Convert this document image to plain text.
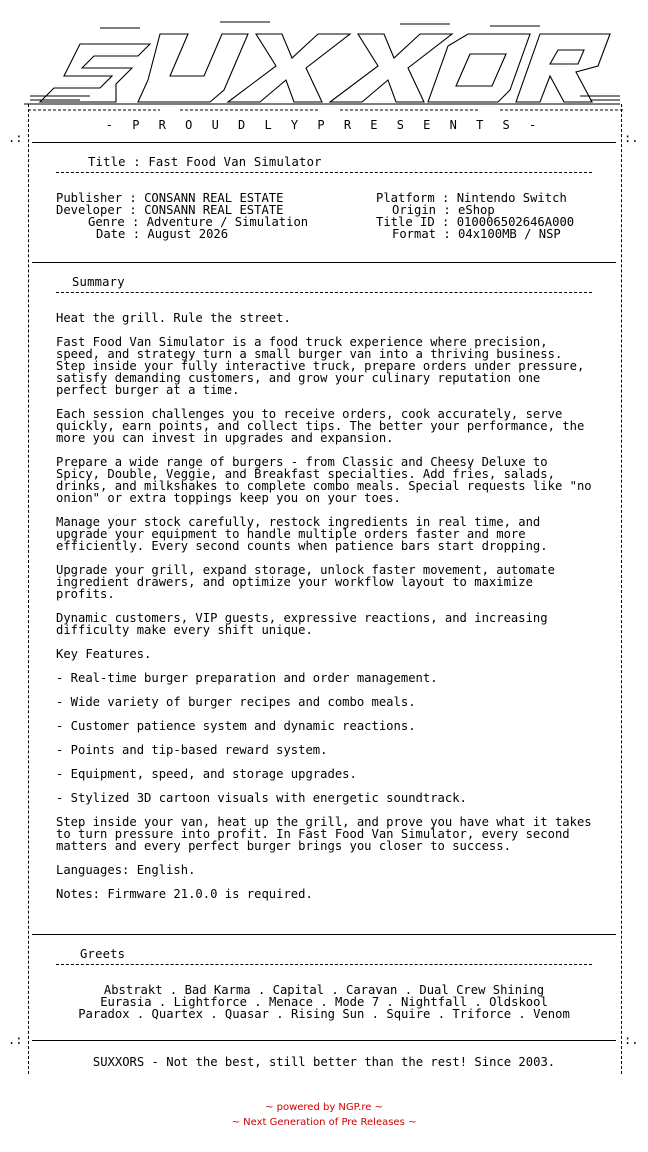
.:	:.
.:	:.
- P R O U D L Y P R E S E N T S -
Title : Fast Food Van Simulator
Publisher : CONSANN REAL ESTATE
Developer : CONSANN REAL ESTATE
Genre : Adventure / Simulation
Date : August 2026
Platform : Nintendo Switch
Origin : eShop
Title ID : 010006502646A000
Format : 04x100MB / NSP
Summary

Heat the grill. Rule the street.

Fast Food Van Simulator is a food truck experience where precision, speed, and strategy turn a small burger van into a thriving business. Step inside your fully interactive truck, prepare orders under pressure, satisfy demanding customers, and grow your culinary reputation one perfect burger at a time.

Each session challenges you to receive orders, cook accurately, serve quickly, earn points, and collect tips. The better your performance, the more you can invest in upgrades and expansion.

Prepare a wide range of burgers - from Classic and Cheesy Deluxe to Spicy, Double, Veggie, and Breakfast specialties. Add fries, salads, drinks, and milkshakes to complete combo meals. Special requests like "no onion" or extra toppings keep you on your toes.

Manage your stock carefully, restock ingredients in real time, and upgrade your equipment to handle multiple orders faster and more efficiently. Every second counts when patience bars start dropping.

Upgrade your grill, expand storage, unlock faster movement, automate ingredient drawers, and optimize your workflow layout to maximize profits.

Dynamic customers, VIP guests, expressive reactions, and increasing difficulty make every shift unique.

Key Features.

- Real-time burger preparation and order management.

- Wide variety of burger recipes and combo meals.

- Customer patience system and dynamic reactions.

- Points and tip-based reward system.

- Equipment, speed, and storage upgrades.

- Stylized 3D cartoon visuals with energetic soundtrack.

Step inside your van, heat up the grill, and prove you have what it takes to turn pressure into profit. In Fast Food Van Simulator, every second matters and every perfect burger brings you closer to success.

Languages: English.

Notes: Firmware 21.0.0 is required.

Greets
Abstrakt . Bad Karma . Capital . Caravan . Dual Crew Shining
Eurasia . Lightforce . Menace . Mode 7 . Nightfall . Oldskool
Paradox . Quartex . Quasar . Rising Sun . Squire . Triforce . Venom
SUXXORS - Not the best, still better than the rest! Since 2003.
~ powered by NGP.re ~
~ Next Generation of Pre Releases ~
